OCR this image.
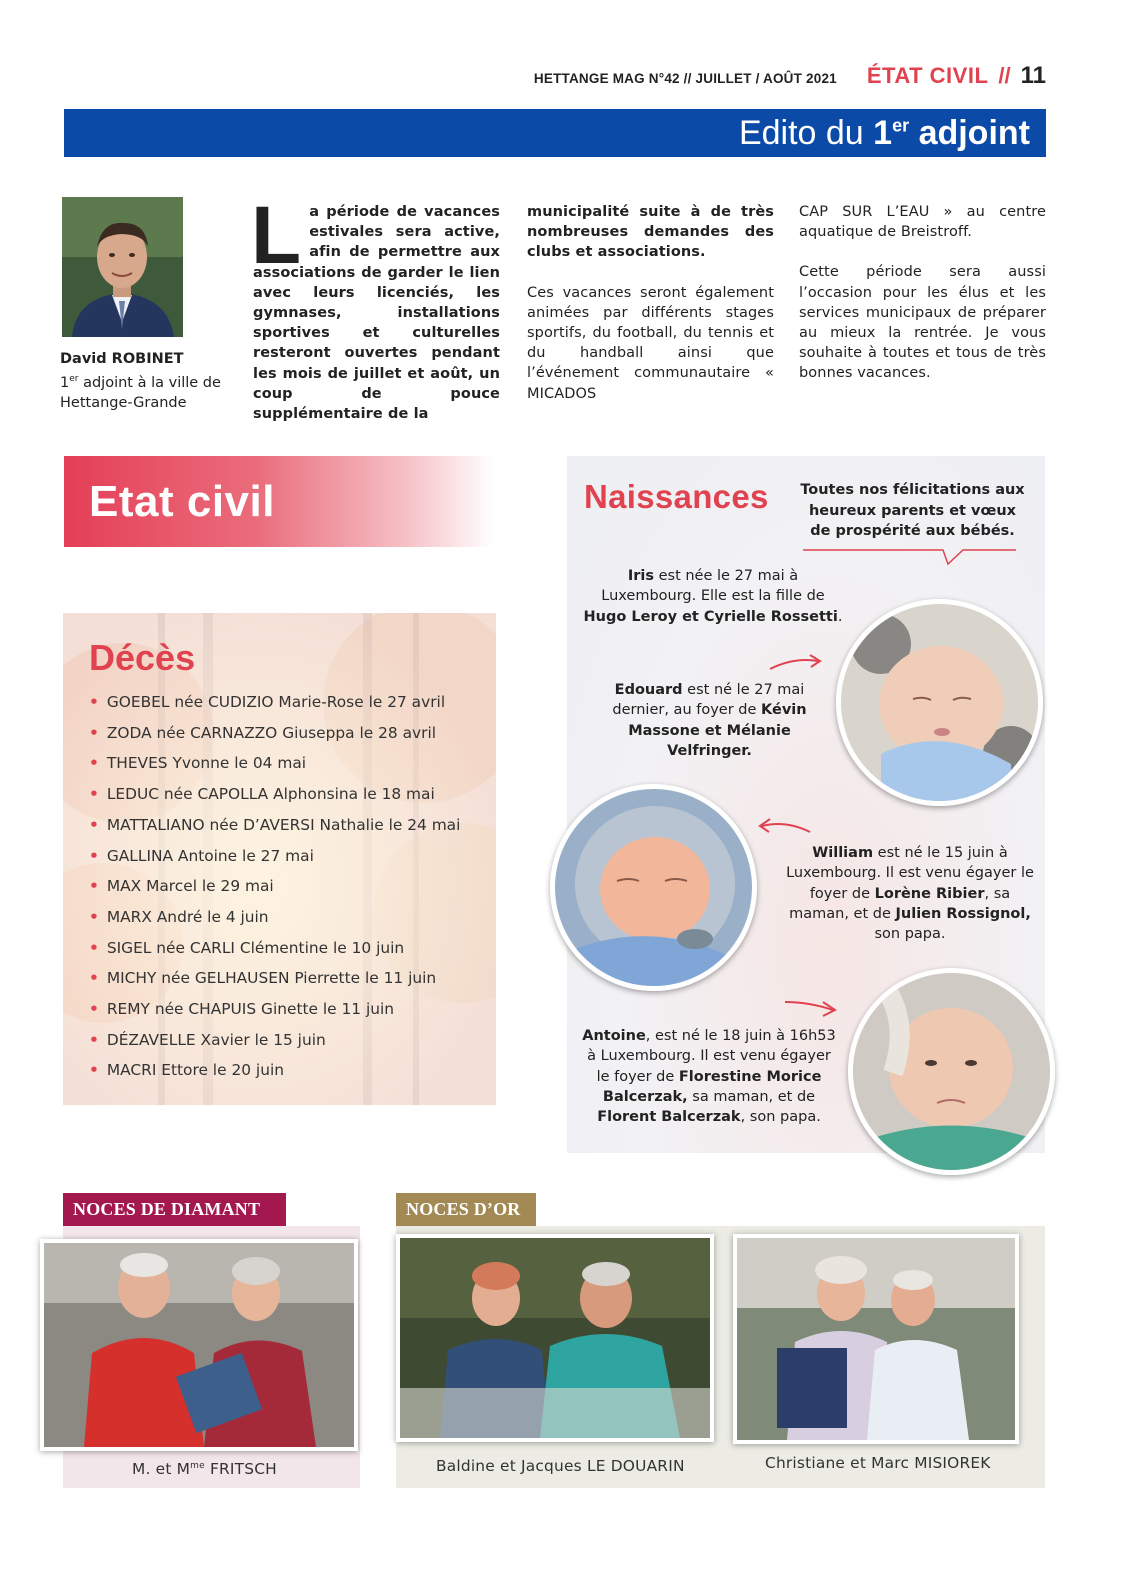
HETTANGE MAG N°42 // JUILLET / AOÛT 2021 ÉTAT CIVIL // 11
Edito du 1er adjoint
David ROBINET
1er adjoint à la ville de Hettange-Grande
La période de vacances estivales sera active, afin de permettre aux associations de garder le lien avec leurs licenciés, les gymnases, installations sportives et culturelles resteront ouvertes pendant les mois de juillet et août, un coup de pouce supplémentaire de la

municipalité suite à de très nombreuses demandes des clubs et associations.

Ces vacances seront également animées par différents stages sportifs, du football, du tennis et du handball ainsi que l’événement communautaire « MICADOS

CAP SUR L’EAU » au centre aquatique de Breistroff.

Cette période sera aussi l’occasion pour les élus et les services municipaux de préparer au mieux la rentrée. Je vous souhaite à toutes et tous de très bonnes vacances.

Etat civil
Décès
• GOEBEL née CUDIZIO Marie-Rose le 27 avril
• ZODA née CARNAZZO Giuseppa le 28 avril
• THEVES Yvonne le 04 mai
• LEDUC née CAPOLLA Alphonsina le 18 mai
• MATTALIANO née D’AVERSI Nathalie le 24 mai
• GALLINA Antoine le 27 mai
• MAX Marcel le 29 mai
• MARX André le 4 juin
• SIGEL née CARLI Clémentine le 10 juin
• MICHY née GELHAUSEN Pierrette le 11 juin
• REMY née CHAPUIS Ginette le 11 juin
• DÉZAVELLE Xavier le 15 juin
• MACRI Ettore le 20 juin
Naissances Toutes nos félicitations aux heureux parents et vœux de prospérité aux bébés.
Iris est née le 27 mai à Luxembourg. Elle est la fille de Hugo Leroy et Cyrielle Rossetti.
Edouard est né le 27 mai dernier, au foyer de Kévin Massone et Mélanie Velfringer.
William est né le 15 juin à Luxembourg. Il est venu égayer le foyer de Lorène Ribier, sa maman, et de Julien Rossignol, son papa.
Antoine, est né le 18 juin à 16h53 à Luxembourg. Il est venu égayer le foyer de Florestine Morice Balcerzak, sa maman, et de Florent Balcerzak, son papa.
NOCES DE DIAMANT
M. et $M^{me}$ FRITSCH
NOCES D’OR
Baldine et Jacques LE DOUARIN	Christiane et Marc MISIOREK
